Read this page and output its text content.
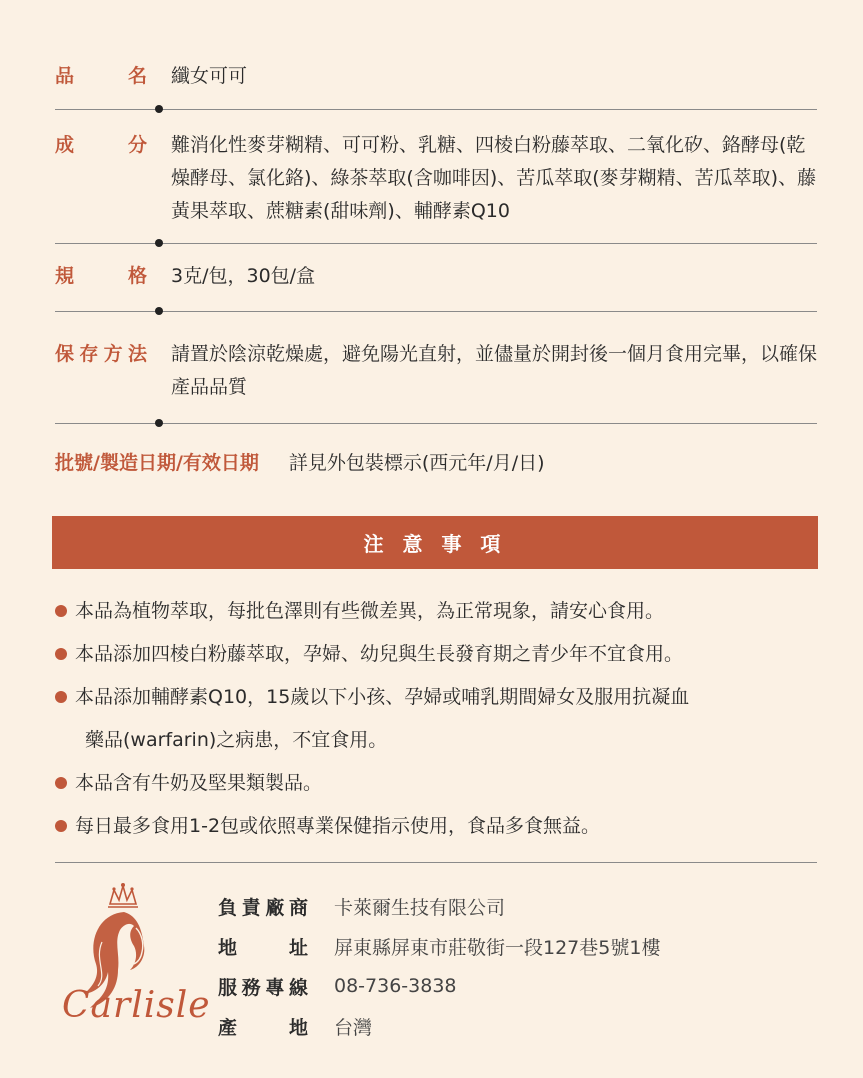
品 名 纖女可可
成 分 難消化性麥芽糊精、可可粉、乳糖、四棱白粉藤萃取、二氧化矽、鉻酵母(乾燥酵母、氯化鉻)、綠茶萃取(含咖啡因)、苦瓜萃取(麥芽糊精、苦瓜萃取)、藤黃果萃取、蔗糖素(甜味劑)、輔酵素Q10
規 格 3克/包，30包/盒
保存方法 請置於陰涼乾燥處，避免陽光直射，並儘量於開封後一個月食用完畢，以確保產品品質
批號/製造日期/有效日期 詳見外包裝標示(西元年/月/日)
注 意 事 項
本品為植物萃取，每批色澤則有些微差異，為正常現象，請安心食用。
本品添加四棱白粉藤萃取，孕婦、幼兒與生長發育期之青少年不宜食用。
本品添加輔酵素Q10，15歲以下小孩、孕婦或哺乳期間婦女及服用抗凝血
藥品(warfarin)之病患，不宜食用。
本品含有牛奶及堅果類製品。
每日最多食用1-2包或依照專業保健指示使用，食品多食無益。
Carlisle
負責廠商 卡萊爾生技有限公司
地 址 屏東縣屏東市莊敬街一段127巷5號1樓
服務專線 08-736-3838
產 地 台灣
